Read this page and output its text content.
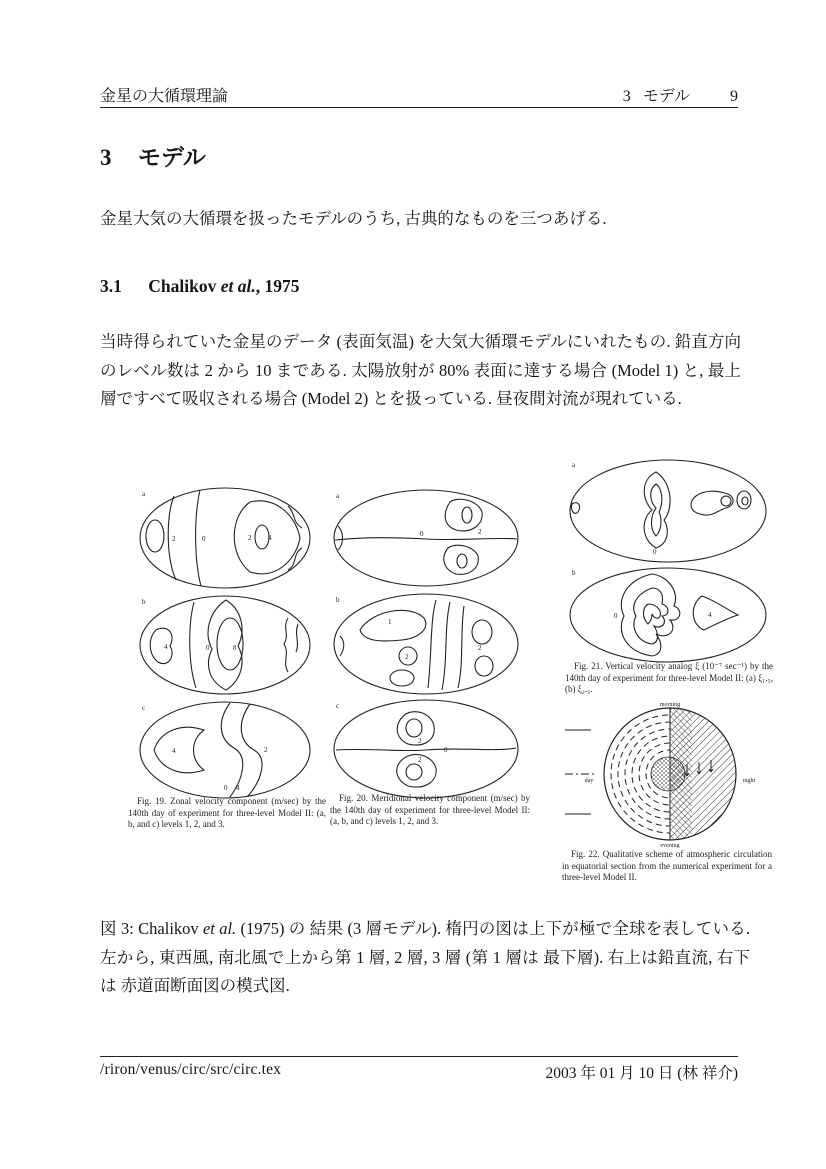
金星の大循環理論	3 モデル	9
3 モデル
金星大気の大循環を扱ったモデルのうち, 古典的なものを三つあげる.
3.1 Chalikov et al., 1975
当時得られていた金星のデータ (表面気温) を大気大循環モデルにいれたもの. 鉛直方向のレベル数は 2 から 10 まである. 太陽放射が 80% 表面に達する場合 (Model 1) と, 最上層ですべて吸収される場合 (Model 2) とを扱っている. 昼夜間対流が現れている.
a
2	0	2 4
b
4	0	8
c
4
0 4
2
Fig. 19. Zonal velocity component (m/sec) by the 140th day of experiment for three-level Model II: (a, b, and c) levels 1, 2, and 3.
a
0	2
b
1
2
2
c
2
0
2
Fig. 20. Meridional velocity component (m/sec) by the 140th day of experiment for three-level Model II: (a, b, and c) levels 1, 2, and 3.
a
0
b
0	4
Fig. 21. Vertical velocity analog ξ (10⁻⁷ sec⁻¹) by the 140th day of experiment for three-level Model II: (a) ξ₁.₅, (b) ξ₂.₅.
morning
evening
day	night
Fig. 22. Qualitative scheme of atmospheric circulation in equatorial section from the numerical experiment for a three-level Model II.
図 3: Chalikov et al. (1975) の 結果 (3 層モデル). 楕円の図は上下が極で全球を表している. 左から, 東西風, 南北風で上から第 1 層, 2 層, 3 層 (第 1 層は 最下層). 右上は鉛直流, 右下は 赤道面断面図の模式図.
/riron/venus/circ/src/circ.tex	2003 年 01 月 10 日 (林 祥介)
